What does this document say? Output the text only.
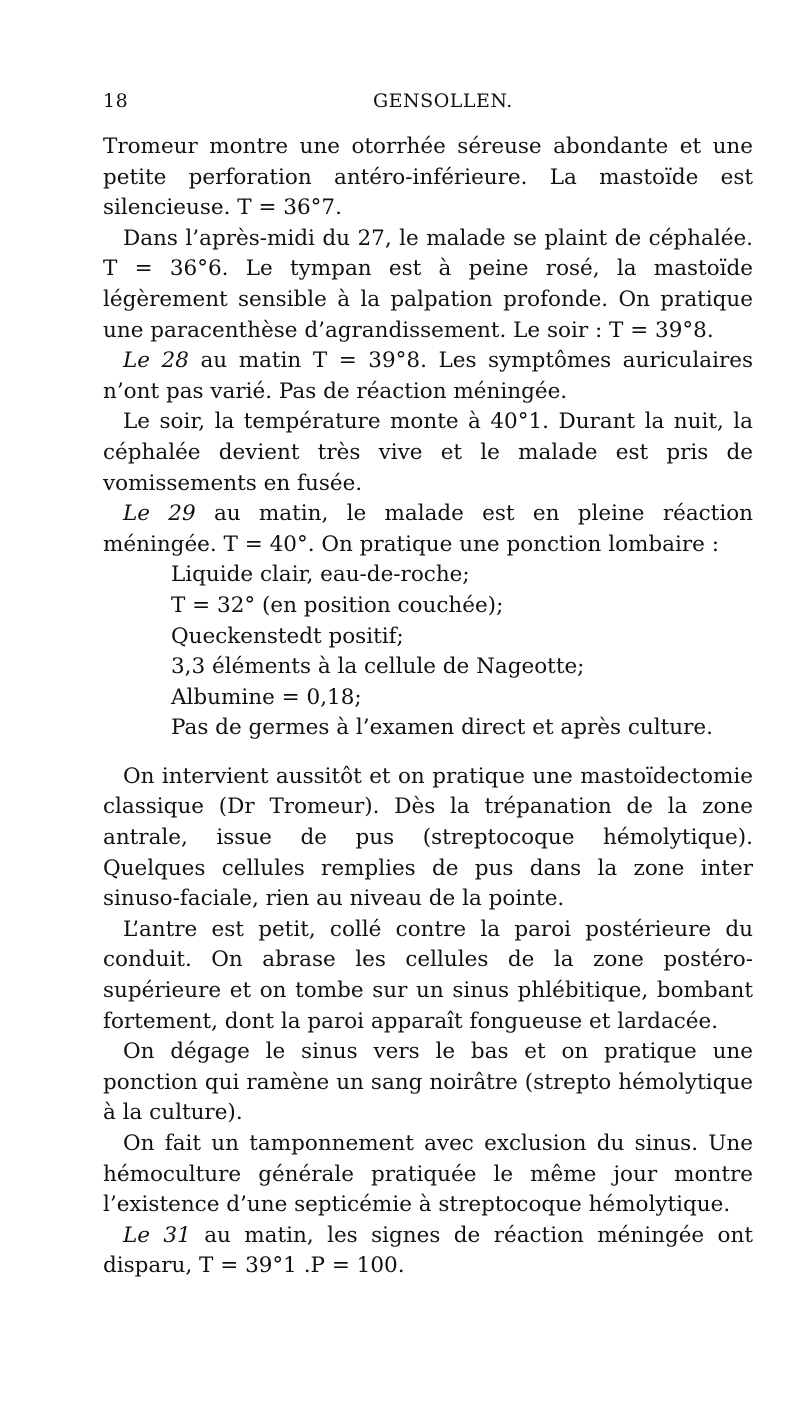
18	GENSOLLEN.

Tromeur montre une otorrhée séreuse abondante et une petite perforation antéro-inférieure. La mastoïde est silencieuse. T = 36°7.

Dans l’après-midi du 27, le malade se plaint de céphalée. T = 36°6. Le tympan est à peine rosé, la mastoïde légèrement sensible à la palpation profonde. On pratique une paracenthèse d’agrandissement. Le soir : T = 39°8.

Le 28 au matin T = 39°8. Les symptômes auriculaires n’ont pas varié. Pas de réaction méningée.

Le soir, la température monte à 40°1. Durant la nuit, la céphalée devient très vive et le malade est pris de vomissements en fusée.

Le 29 au matin, le malade est en pleine réaction méningée. T = 40°. On pratique une ponction lombaire :

Liquide clair, eau-de-roche;
T = 32° (en position couchée);
Queckenstedt positif;
3,3 éléments à la cellule de Nageotte;
Albumine = 0,18;
Pas de germes à l’examen direct et après culture.

On intervient aussitôt et on pratique une mastoïdectomie classique (Dr Tromeur). Dès la trépanation de la zone antrale, issue de pus (streptocoque hémolytique). Quelques cellules remplies de pus dans la zone inter sinuso-faciale, rien au niveau de la pointe.

L’antre est petit, collé contre la paroi postérieure du conduit. On abrase les cellules de la zone postéro-supérieure et on tombe sur un sinus phlébitique, bombant fortement, dont la paroi apparaît fongueuse et lardacée.

On dégage le sinus vers le bas et on pratique une ponction qui ramène un sang noirâtre (strepto hémolytique à la culture).

On fait un tamponnement avec exclusion du sinus. Une hémoculture générale pratiquée le même jour montre l’existence d’une septicémie à streptocoque hémolytique.

Le 31 au matin, les signes de réaction méningée ont disparu, T = 39°1 .P = 100.
